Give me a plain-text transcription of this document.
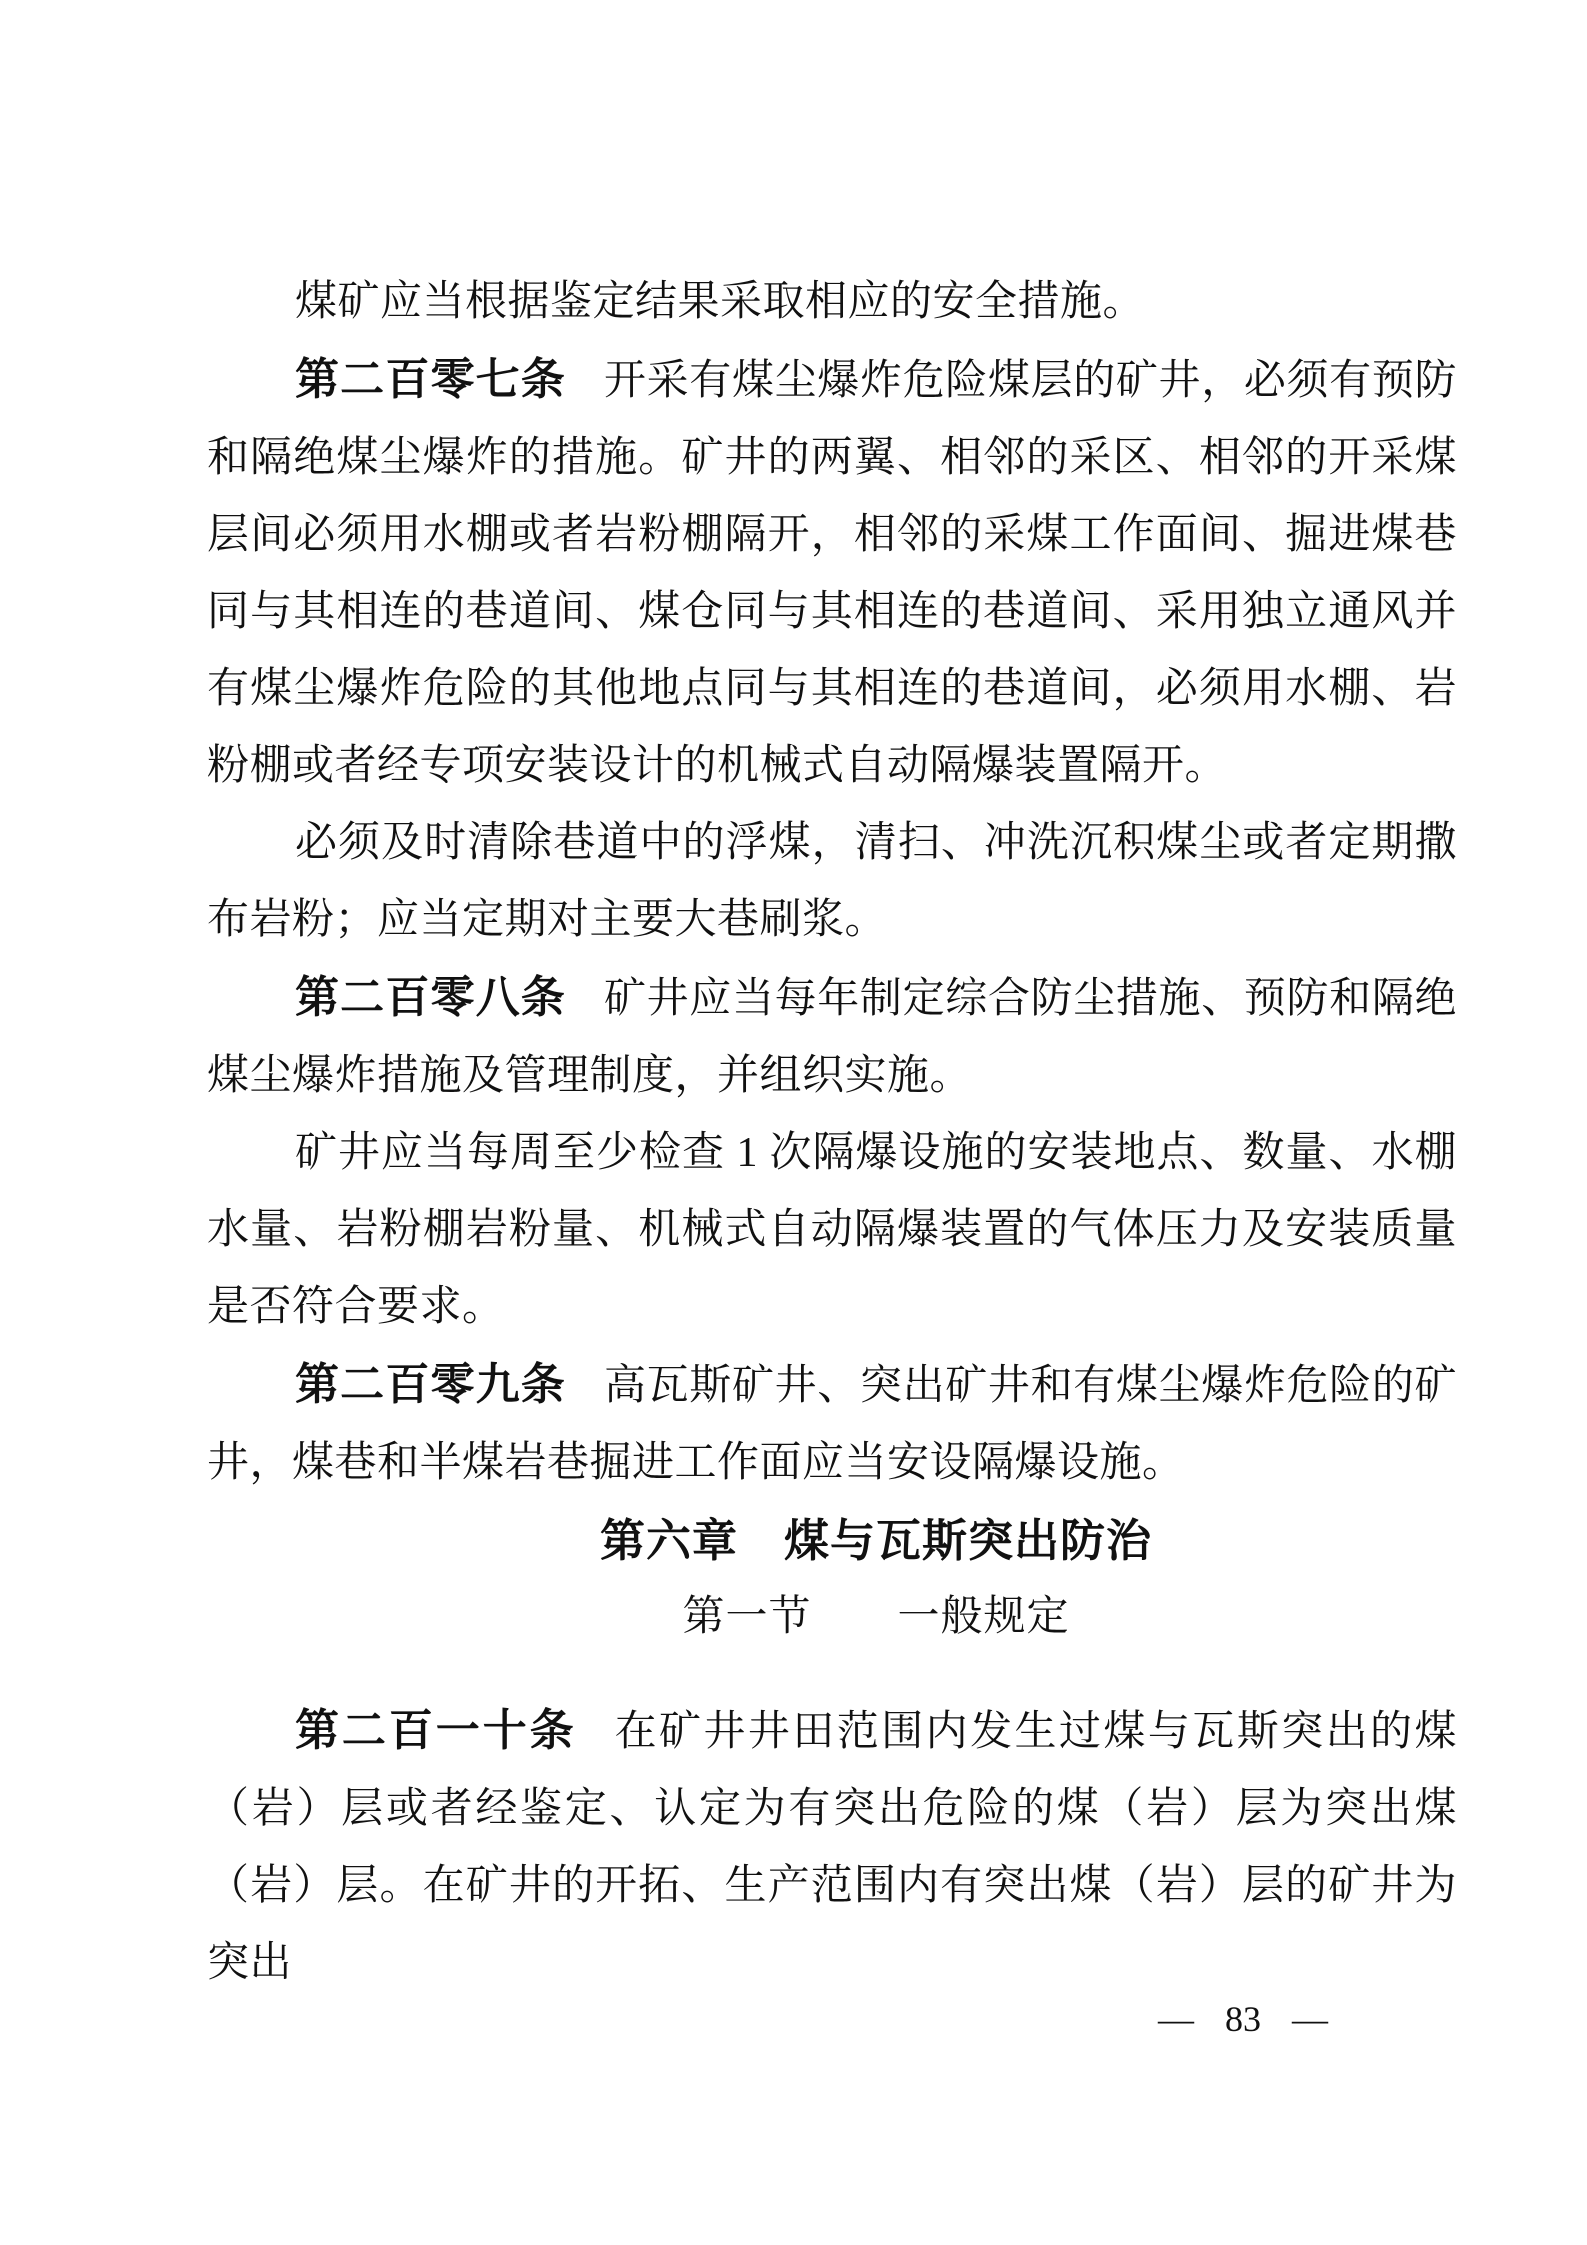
煤矿应当根据鉴定结果采取相应的安全措施。

第二百零七条 开采有煤尘爆炸危险煤层的矿井，必须有预防和隔绝煤尘爆炸的措施。矿井的两翼、相邻的采区、相邻的开采煤层间必须用水棚或者岩粉棚隔开，相邻的采煤工作面间、掘进煤巷同与其相连的巷道间、煤仓同与其相连的巷道间、采用独立通风并有煤尘爆炸危险的其他地点同与其相连的巷道间，必须用水棚、岩粉棚或者经专项安装设计的机械式自动隔爆装置隔开。

必须及时清除巷道中的浮煤，清扫、冲洗沉积煤尘或者定期撒布岩粉；应当定期对主要大巷刷浆。

第二百零八条 矿井应当每年制定综合防尘措施、预防和隔绝煤尘爆炸措施及管理制度，并组织实施。

矿井应当每周至少检查 1 次隔爆设施的安装地点、数量、水棚水量、岩粉棚岩粉量、机械式自动隔爆装置的气体压力及安装质量是否符合要求。

第二百零九条 高瓦斯矿井、突出矿井和有煤尘爆炸危险的矿井，煤巷和半煤岩巷掘进工作面应当安设隔爆设施。

第六章　煤与瓦斯突出防治

第一节　　一般规定

第二百一十条 在矿井井田范围内发生过煤与瓦斯突出的煤（岩）层或者经鉴定、认定为有突出危险的煤（岩）层为突出煤（岩）层。在矿井的开拓、生产范围内有突出煤（岩）层的矿井为突出

— 83 —
